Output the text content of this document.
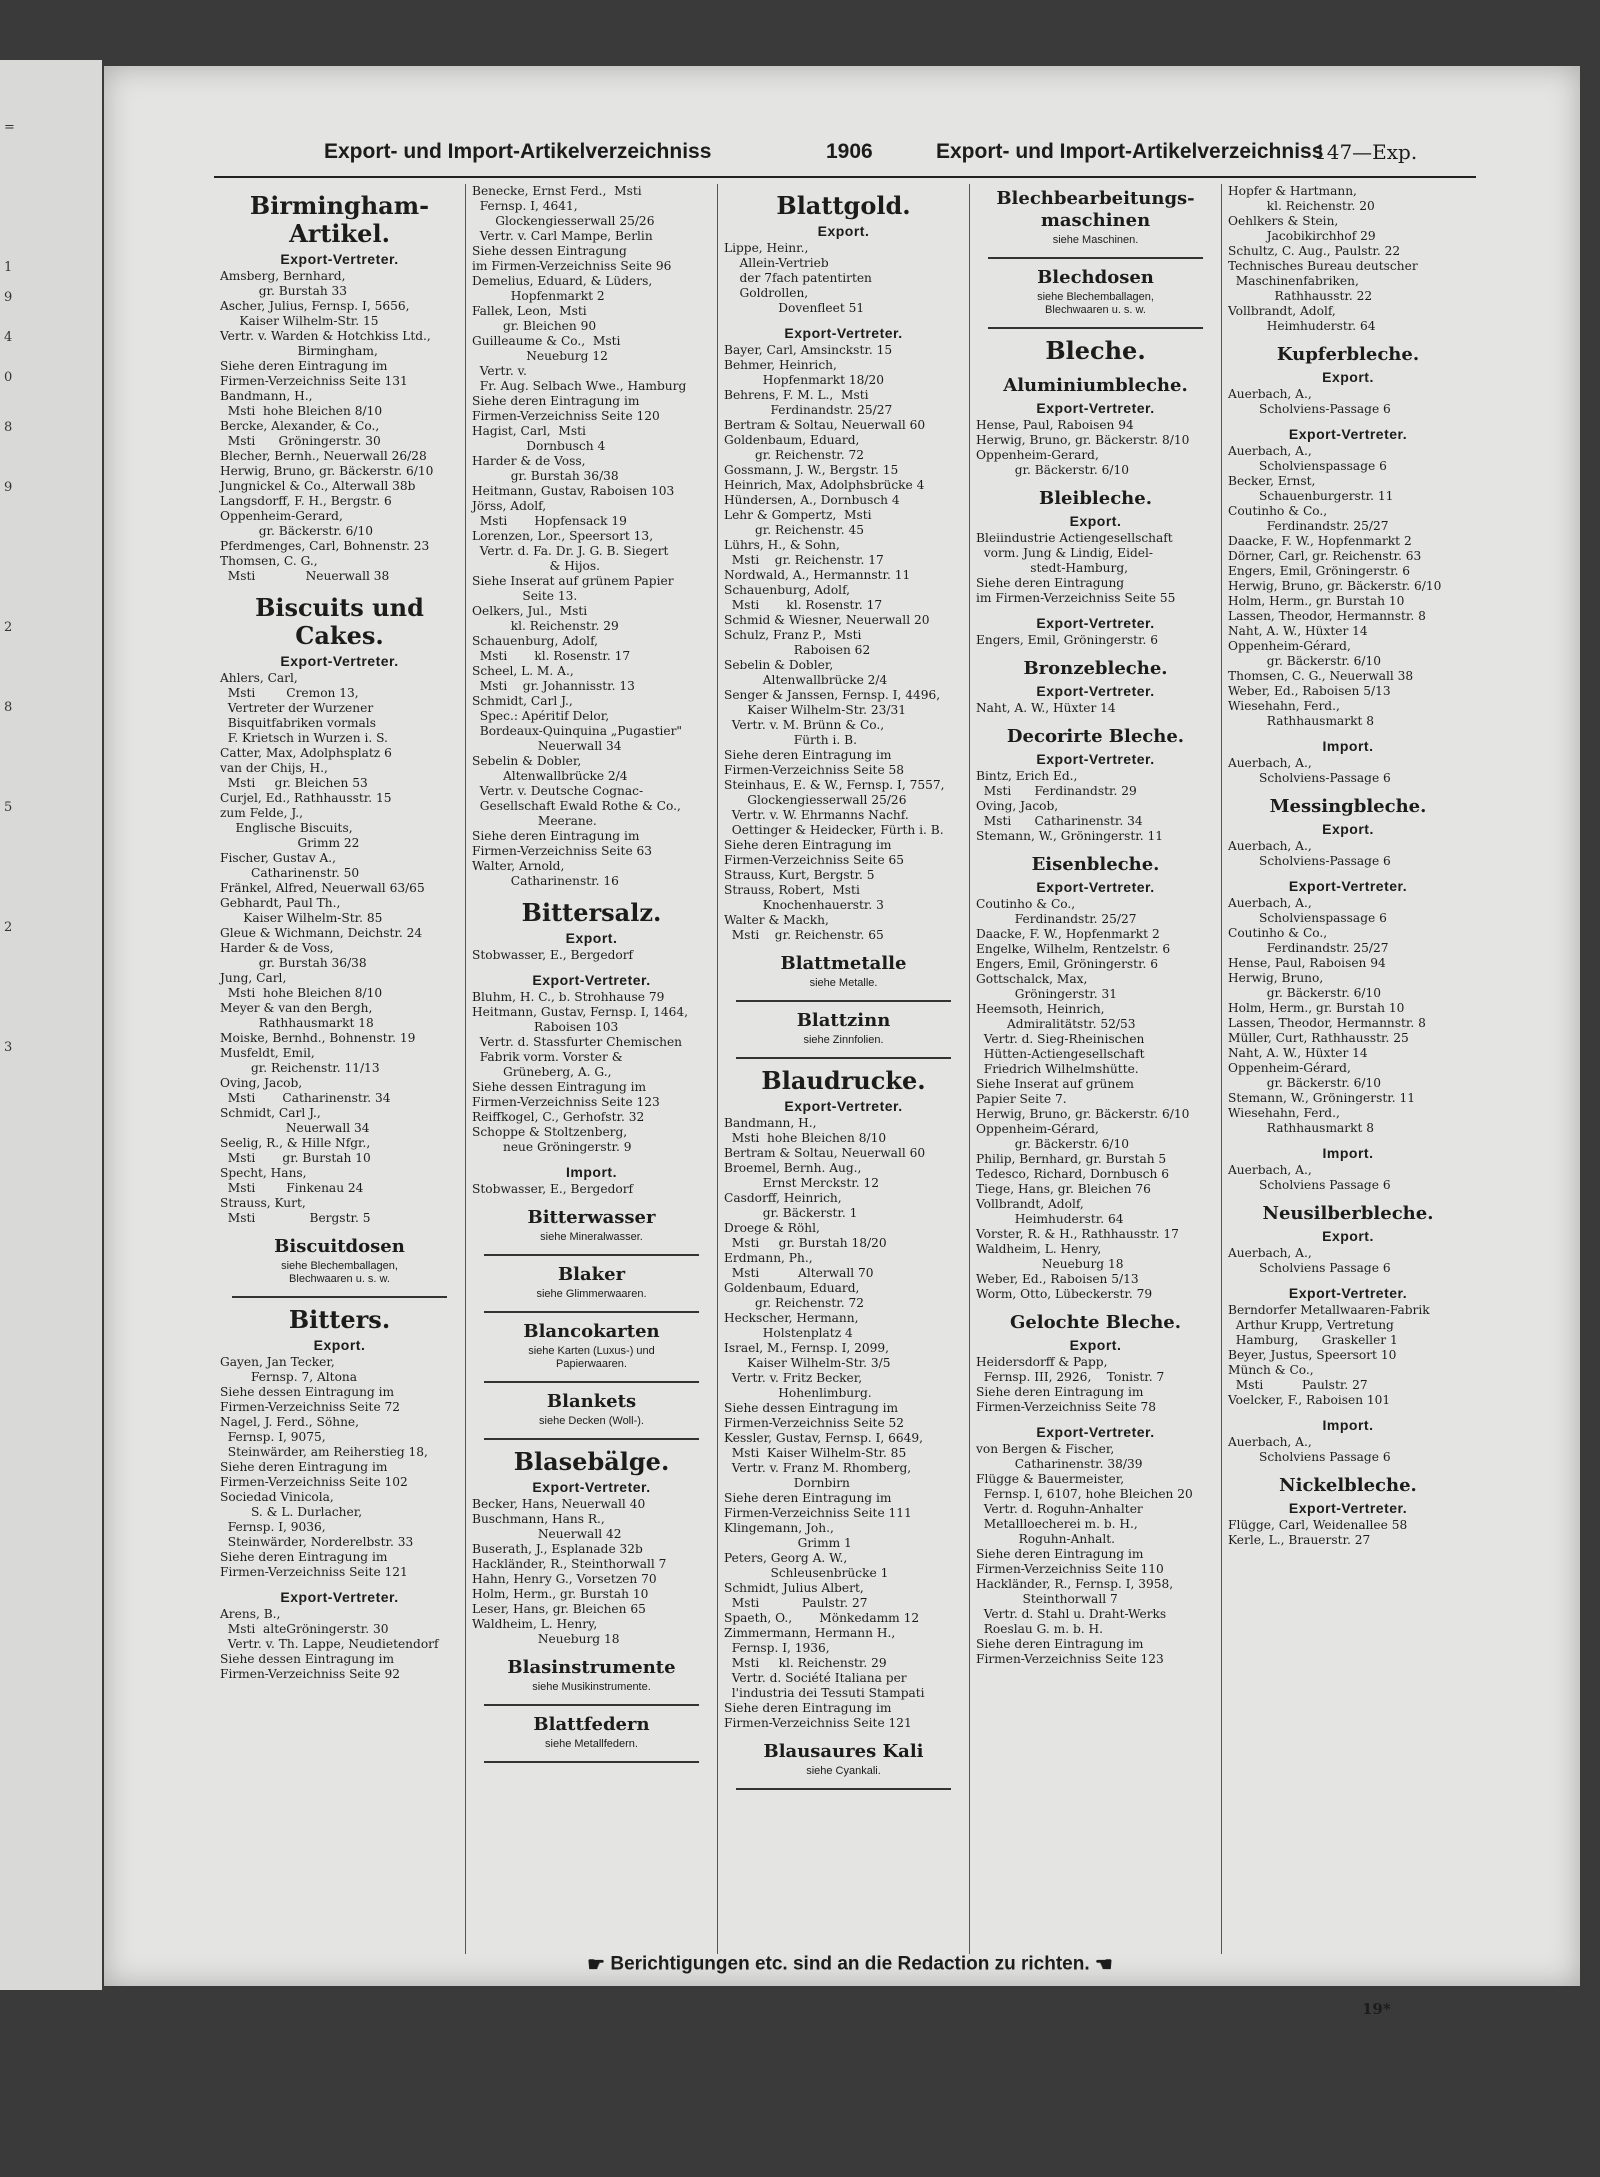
=
1
9
4
0
8
9
2
8
5
2
3
Export- und Import-Artikelverzeichniss	1906	Export- und Import-Artikelverzeichniss
147—Exp.
Birmingham-Artikel.
Export-Vertreter.
Amsberg, Bernhard,
gr. Burstah 33
Ascher, Julius, Fernsp. I, 5656,
Kaiser Wilhelm-Str. 15
Vertr. v. Warden & Hotchkiss Ltd.,
Birmingham,
Siehe deren Eintragung im
Firmen-Verzeichniss Seite 131
Bandmann, H.,
Msti  hohe Bleichen 8/10
Bercke, Alexander, & Co.,
Msti      Gröningerstr. 30
Blecher, Bernh., Neuerwall 26/28
Herwig, Bruno, gr. Bäckerstr. 6/10
Jungnickel & Co., Alterwall 38b
Langsdorff, F. H., Bergstr. 6
Oppenheim-Gerard,
gr. Bäckerstr. 6/10
Pferdmenges, Carl, Bohnenstr. 23
Thomsen, C. G.,
Msti             Neuerwall 38
Biscuits und Cakes.
Export-Vertreter.
Ahlers, Carl,
Msti        Cremon 13,
Vertreter der Wurzener
Bisquitfabriken vormals
F. Krietsch in Wurzen i. S.
Catter, Max, Adolphsplatz 6
van der Chijs, H.,
Msti     gr. Bleichen 53
Curjel, Ed., Rathhausstr. 15
zum Felde, J.,
Englische Biscuits,
Grimm 22
Fischer, Gustav A.,
Catharinenstr. 50
Fränkel, Alfred, Neuerwall 63/65
Gebhardt, Paul Th.,
Kaiser Wilhelm-Str. 85
Gleue & Wichmann, Deichstr. 24
Harder & de Voss,
gr. Burstah 36/38
Jung, Carl,
Msti  hohe Bleichen 8/10
Meyer & van den Bergh,
Rathhausmarkt 18
Moiske, Bernhd., Bohnenstr. 19
Musfeldt, Emil,
gr. Reichenstr. 11/13
Oving, Jacob,
Msti       Catharinenstr. 34
Schmidt, Carl J.,
Neuerwall 34
Seelig, R., & Hille Nfgr.,
Msti       gr. Burstah 10
Specht, Hans,
Msti        Finkenau 24
Strauss, Kurt,
Msti              Bergstr. 5
Biscuitdosen
siehe Blechemballagen,
Blechwaaren u. s. w.
Bitters.
Export.
Gayen, Jan Tecker,
Fernsp. 7, Altona
Siehe dessen Eintragung im
Firmen-Verzeichniss Seite 72
Nagel, J. Ferd., Söhne,
Fernsp. I, 9075,
Steinwärder, am Reiherstieg 18,
Siehe deren Eintragung im
Firmen-Verzeichniss Seite 102
Sociedad Vinicola,
S. & L. Durlacher,
Fernsp. I, 9036,
Steinwärder, Norderelbstr. 33
Siehe deren Eintragung im
Firmen-Verzeichniss Seite 121
Export-Vertreter.
Arens, B.,
Msti  alteGröningerstr. 30
Vertr. v. Th. Lappe, Neudietendorf
Siehe dessen Eintragung im
Firmen-Verzeichniss Seite 92
Benecke, Ernst Ferd.,  Msti
Fernsp. I, 4641,
Glockengiesserwall 25/26
Vertr. v. Carl Mampe, Berlin
Siehe dessen Eintragung
im Firmen-Verzeichniss Seite 96
Demelius, Eduard, & Lüders,
Hopfenmarkt 2
Fallek, Leon,  Msti
gr. Bleichen 90
Guilleaume & Co.,  Msti
Neueburg 12
Vertr. v.
Fr. Aug. Selbach Wwe., Hamburg
Siehe deren Eintragung im
Firmen-Verzeichniss Seite 120
Hagist, Carl,  Msti
Dornbusch 4
Harder & de Voss,
gr. Burstah 36/38
Heitmann, Gustav, Raboisen 103
Jörss, Adolf,
Msti       Hopfensack 19
Lorenzen, Lor., Speersort 13,
Vertr. d. Fa. Dr. J. G. B. Siegert
& Hijos.
Siehe Inserat auf grünem Papier
Seite 13.
Oelkers, Jul.,  Msti
kl. Reichenstr. 29
Schauenburg, Adolf,
Msti       kl. Rosenstr. 17
Scheel, L. M. A.,
Msti    gr. Johannisstr. 13
Schmidt, Carl J.,
Spec.: Apéritif Delor,
Bordeaux-Quinquina „Pugastier"
Neuerwall 34
Sebelin & Dobler,
Altenwallbrücke 2/4
Vertr. v. Deutsche Cognac-
Gesellschaft Ewald Rothe & Co.,
Meerane.
Siehe deren Eintragung im
Firmen-Verzeichniss Seite 63
Walter, Arnold,
Catharinenstr. 16
Bittersalz.
Export.
Stobwasser, E., Bergedorf
Export-Vertreter.
Bluhm, H. C., b. Strohhause 79
Heitmann, Gustav, Fernsp. I, 1464,
Raboisen 103
Vertr. d. Stassfurter Chemischen
Fabrik vorm. Vorster &
Grüneberg, A. G.,
Siehe dessen Eintragung im
Firmen-Verzeichniss Seite 123
Reiffkogel, C., Gerhofstr. 32
Schoppe & Stoltzenberg,
neue Gröningerstr. 9
Import.
Stobwasser, E., Bergedorf
Bitterwasser
siehe Mineralwasser.
Blaker
siehe Glimmerwaaren.
Blancokarten
siehe Karten (Luxus-) und
Papierwaaren.
Blankets
siehe Decken (Woll-).
Blasebälge.
Export-Vertreter.
Becker, Hans, Neuerwall 40
Buschmann, Hans R.,
Neuerwall 42
Buserath, J., Esplanade 32b
Hackländer, R., Steinthorwall 7
Hahn, Henry G., Vorsetzen 70
Holm, Herm., gr. Burstah 10
Leser, Hans, gr. Bleichen 65
Waldheim, L. Henry,
Neueburg 18
Blasinstrumente
siehe Musikinstrumente.
Blattfedern
siehe Metallfedern.
Blattgold.
Export.
Lippe, Heinr.,
Allein-Vertrieb
der 7fach patentirten
Goldrollen,
Dovenfleet 51
Export-Vertreter.
Bayer, Carl, Amsinckstr. 15
Behmer, Heinrich,
Hopfenmarkt 18/20
Behrens, F. M. L.,  Msti
Ferdinandstr. 25/27
Bertram & Soltau, Neuerwall 60
Goldenbaum, Eduard,
gr. Reichenstr. 72
Gossmann, J. W., Bergstr. 15
Heinrich, Max, Adolphsbrücke 4
Hündersen, A., Dornbusch 4
Lehr & Gompertz,  Msti
gr. Reichenstr. 45
Lührs, H., & Sohn,
Msti    gr. Reichenstr. 17
Nordwald, A., Hermannstr. 11
Schauenburg, Adolf,
Msti       kl. Rosenstr. 17
Schmid & Wiesner, Neuerwall 20
Schulz, Franz P.,  Msti
Raboisen 62
Sebelin & Dobler,
Altenwallbrücke 2/4
Senger & Janssen, Fernsp. I, 4496,
Kaiser Wilhelm-Str. 23/31
Vertr. v. M. Brünn & Co.,
Fürth i. B.
Siehe deren Eintragung im
Firmen-Verzeichniss Seite 58
Steinhaus, E. & W., Fernsp. I, 7557,
Glockengiesserwall 25/26
Vertr. v. W. Ehrmanns Nachf.
Oettinger & Heidecker, Fürth i. B.
Siehe deren Eintragung im
Firmen-Verzeichniss Seite 65
Strauss, Kurt, Bergstr. 5
Strauss, Robert,  Msti
Knochenhauerstr. 3
Walter & Mackh,
Msti    gr. Reichenstr. 65
Blattmetalle
siehe Metalle.
Blattzinn
siehe Zinnfolien.
Blaudrucke.
Export-Vertreter.
Bandmann, H.,
Msti  hohe Bleichen 8/10
Bertram & Soltau, Neuerwall 60
Broemel, Bernh. Aug.,
Ernst Merckstr. 12
Casdorff, Heinrich,
gr. Bäckerstr. 1
Droege & Röhl,
Msti     gr. Burstah 18/20
Erdmann, Ph.,
Msti          Alterwall 70
Goldenbaum, Eduard,
gr. Reichenstr. 72
Heckscher, Hermann,
Holstenplatz 4
Israel, M., Fernsp. I, 2099,
Kaiser Wilhelm-Str. 3/5
Vertr. v. Fritz Becker,
Hohenlimburg.
Siehe dessen Eintragung im
Firmen-Verzeichniss Seite 52
Kessler, Gustav, Fernsp. I, 6649,
Msti  Kaiser Wilhelm-Str. 85
Vertr. v. Franz M. Rhomberg,
Dornbirn
Siehe deren Eintragung im
Firmen-Verzeichniss Seite 111
Klingemann, Joh.,
Grimm 1
Peters, Georg A. W.,
Schleusenbrücke 1
Schmidt, Julius Albert,
Msti           Paulstr. 27
Spaeth, O.,       Mönkedamm 12
Zimmermann, Hermann H.,
Fernsp. I, 1936,
Msti     kl. Reichenstr. 29
Vertr. d. Société Italiana per
l'industria dei Tessuti Stampati
Siehe deren Eintragung im
Firmen-Verzeichniss Seite 121
Blausaures Kali
siehe Cyankali.
Blechbearbeitungs-maschinen
siehe Maschinen.
Blechdosen
siehe Blechemballagen,
Blechwaaren u. s. w.
Bleche.
Aluminiumbleche.
Export-Vertreter.
Hense, Paul, Raboisen 94
Herwig, Bruno, gr. Bäckerstr. 8/10
Oppenheim-Gerard,
gr. Bäckerstr. 6/10
Bleibleche.
Export.
Bleiindustrie Actiengesellschaft
vorm. Jung & Lindig, Eidel-
stedt-Hamburg,
Siehe deren Eintragung
im Firmen-Verzeichniss Seite 55
Export-Vertreter.
Engers, Emil, Gröningerstr. 6
Bronzebleche.
Export-Vertreter.
Naht, A. W., Hüxter 14
Decorirte Bleche.
Export-Vertreter.
Bintz, Erich Ed.,
Msti      Ferdinandstr. 29
Oving, Jacob,
Msti      Catharinenstr. 34
Stemann, W., Gröningerstr. 11
Eisenbleche.
Export-Vertreter.
Coutinho & Co.,
Ferdinandstr. 25/27
Daacke, F. W., Hopfenmarkt 2
Engelke, Wilhelm, Rentzelstr. 6
Engers, Emil, Gröningerstr. 6
Gottschalck, Max,
Gröningerstr. 31
Heemsoth, Heinrich,
Admiralitätstr. 52/53
Vertr. d. Sieg-Rheinischen
Hütten-Actiengesellschaft
Friedrich Wilhelmshütte.
Siehe Inserat auf grünem
Papier Seite 7.
Herwig, Bruno, gr. Bäckerstr. 6/10
Oppenheim-Gérard,
gr. Bäckerstr. 6/10
Philip, Bernhard, gr. Burstah 5
Tedesco, Richard, Dornbusch 6
Tiege, Hans, gr. Bleichen 76
Vollbrandt, Adolf,
Heimhuderstr. 64
Vorster, R. & H., Rathhausstr. 17
Waldheim, L. Henry,
Neueburg 18
Weber, Ed., Raboisen 5/13
Worm, Otto, Lübeckerstr. 79
Gelochte Bleche.
Export.
Heidersdorff & Papp,
Fernsp. III, 2926,    Tonistr. 7
Siehe deren Eintragung im
Firmen-Verzeichniss Seite 78
Export-Vertreter.
von Bergen & Fischer,
Catharinenstr. 38/39
Flügge & Bauermeister,
Fernsp. I, 6107, hohe Bleichen 20
Vertr. d. Roguhn-Anhalter
Metallloecherei m. b. H.,
Roguhn-Anhalt.
Siehe deren Eintragung im
Firmen-Verzeichniss Seite 110
Hackländer, R., Fernsp. I, 3958,
Steinthorwall 7
Vertr. d. Stahl u. Draht-Werks
Roeslau G. m. b. H.
Siehe deren Eintragung im
Firmen-Verzeichniss Seite 123
Hopfer & Hartmann,
kl. Reichenstr. 20
Oehlkers & Stein,
Jacobikirchhof 29
Schultz, C. Aug., Paulstr. 22
Technisches Bureau deutscher
Maschinenfabriken,
Rathhausstr. 22
Vollbrandt, Adolf,
Heimhuderstr. 64
Kupferbleche.
Export.
Auerbach, A.,
Scholviens-Passage 6
Export-Vertreter.
Auerbach, A.,
Scholvienspassage 6
Becker, Ernst,
Schauenburgerstr. 11
Coutinho & Co.,
Ferdinandstr. 25/27
Daacke, F. W., Hopfenmarkt 2
Dörner, Carl, gr. Reichenstr. 63
Engers, Emil, Gröningerstr. 6
Herwig, Bruno, gr. Bäckerstr. 6/10
Holm, Herm., gr. Burstah 10
Lassen, Theodor, Hermannstr. 8
Naht, A. W., Hüxter 14
Oppenheim-Gérard,
gr. Bäckerstr. 6/10
Thomsen, C. G., Neuerwall 38
Weber, Ed., Raboisen 5/13
Wiesehahn, Ferd.,
Rathhausmarkt 8
Import.
Auerbach, A.,
Scholviens-Passage 6
Messingbleche.
Export.
Auerbach, A.,
Scholviens-Passage 6
Export-Vertreter.
Auerbach, A.,
Scholvienspassage 6
Coutinho & Co.,
Ferdinandstr. 25/27
Hense, Paul, Raboisen 94
Herwig, Bruno,
gr. Bäckerstr. 6/10
Holm, Herm., gr. Burstah 10
Lassen, Theodor, Hermannstr. 8
Müller, Curt, Rathhausstr. 25
Naht, A. W., Hüxter 14
Oppenheim-Gérard,
gr. Bäckerstr. 6/10
Stemann, W., Gröningerstr. 11
Wiesehahn, Ferd.,
Rathhausmarkt 8
Import.
Auerbach, A.,
Scholviens Passage 6
Neusilberbleche.
Export.
Auerbach, A.,
Scholviens Passage 6
Export-Vertreter.
Berndorfer Metallwaaren-Fabrik
Arthur Krupp, Vertretung
Hamburg,      Graskeller 1
Beyer, Justus, Speersort 10
Münch & Co.,
Msti          Paulstr. 27
Voelcker, F., Raboisen 101
Import.
Auerbach, A.,
Scholviens Passage 6
Nickelbleche.
Export-Vertreter.
Flügge, Carl, Weidenallee 58
Kerle, L., Brauerstr. 27
☛ Berichtigungen etc. sind an die Redaction zu richten. ☚
19*
